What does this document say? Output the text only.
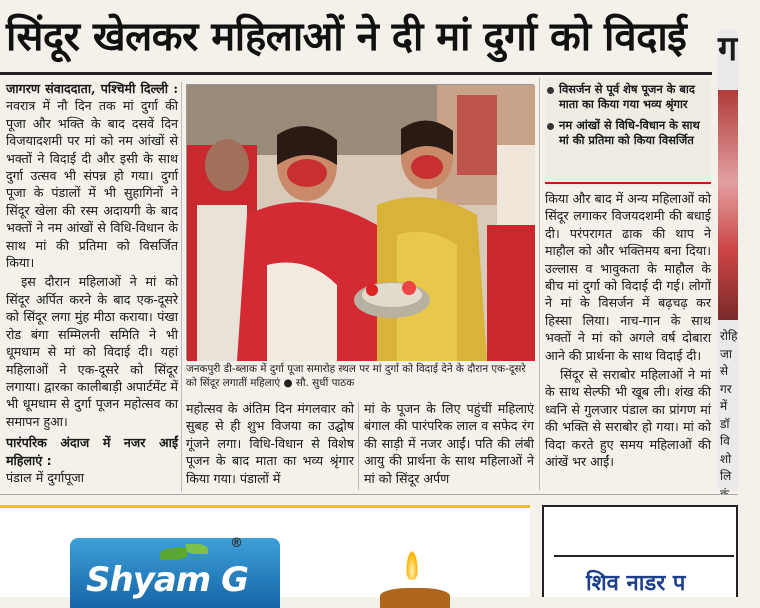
सिंदूर खेलकर महिलाओं ने दी मां दुर्गा को विदाई

जागरण संवाददाता, पश्चिमी दिल्ली : नवरात्र में नौ दिन तक मां दुर्गा की पूजा और भक्ति के बाद दसवें दिन विजयादशमी पर मां को नम आंखों से भक्तों ने विदाई दी और इसी के साथ दुर्गा उत्सव भी संपन्न हो गया। दुर्गा पूजा के पंडालों में भी सुहागिनों ने सिंदूर खेला की रस्म अदायगी के बाद भक्तों ने नम आंखों से विधि-विधान के साथ मां की प्रतिमा को विसर्जित किया।

इस दौरान महिलाओं ने मां को सिंदूर अर्पित करने के बाद एक-दूसरे को सिंदूर लगा मुंह मीठा कराया। पंखा रोड बंगा सम्मिलनी समिति ने भी धूमधाम से मां को विदाई दी। यहां महिलाओं ने एक-दूसरे को सिंदूर लगाया। द्वारका कालीबाड़ी अपार्टमेंट में भी धूमधाम से दुर्गा पूजन महोत्सव का समापन हुआ।

पारंपरिक अंदाज में नजर आईं महिलाएं :

पंडाल में दुर्गापूजा

जनकपुरी डी-ब्लाक में दुर्गा पूजा समारोह स्थल पर मां दुर्गा को विदाई देने के दौरान एक-दूसरे को सिंदूर लगातीं महिलाएं ● सौ. सुधीं पाठक

महोत्सव के अंतिम दिन मंगलवार को सुबह से ही शुभ विजया का उद्घोष गूंजने लगा। विधि-विधान से विशेष पूजन के बाद माता का भव्य श्रृंगार किया गया। पंडालों में

मां के पूजन के लिए पहुंचीं महिलाएं बंगाल की पारंपरिक लाल व सफेद रंग की साड़ी में नजर आईं। पति की लंबी आयु की प्रार्थना के साथ महिलाओं ने मां को सिंदूर अर्पण

विसर्जन से पूर्व शेष पूजन के बाद माता का किया गया भव्य श्रृंगार
नम आंखों से विधि-विधान के साथ मां की प्रतिमा को किया विसर्जित

किया और बाद में अन्य महिलाओं को सिंदूर लगाकर विजयदशमी की बधाई दी। परंपरागत ढाक की थाप ने माहौल को और भक्तिमय बना दिया। उल्लास व भावुकता के माहौल के बीच मां दुर्गा को विदाई दी गई। लोगों ने मां के विसर्जन में बढ़चढ़ कर हिस्सा लिया। नाच-गान के साथ भक्तों ने मां को अगले वर्ष दोबारा आने की प्रार्थना के साथ विदाई दी।

सिंदूर से सराबोर महिलाओं ने मां के साथ सेल्फी भी खूब ली। शंख की ध्वनि से गुलजार पंडाल का प्रांगण मां की भक्ति से सराबोर हो गया। मां को विदा करते हुए समय महिलाओं की आंखें भर आईं।

ग
रोहि
जा
से
गर
में
डॉ
वि
शो
लि
Shyam G
®
शिव नाडर प
